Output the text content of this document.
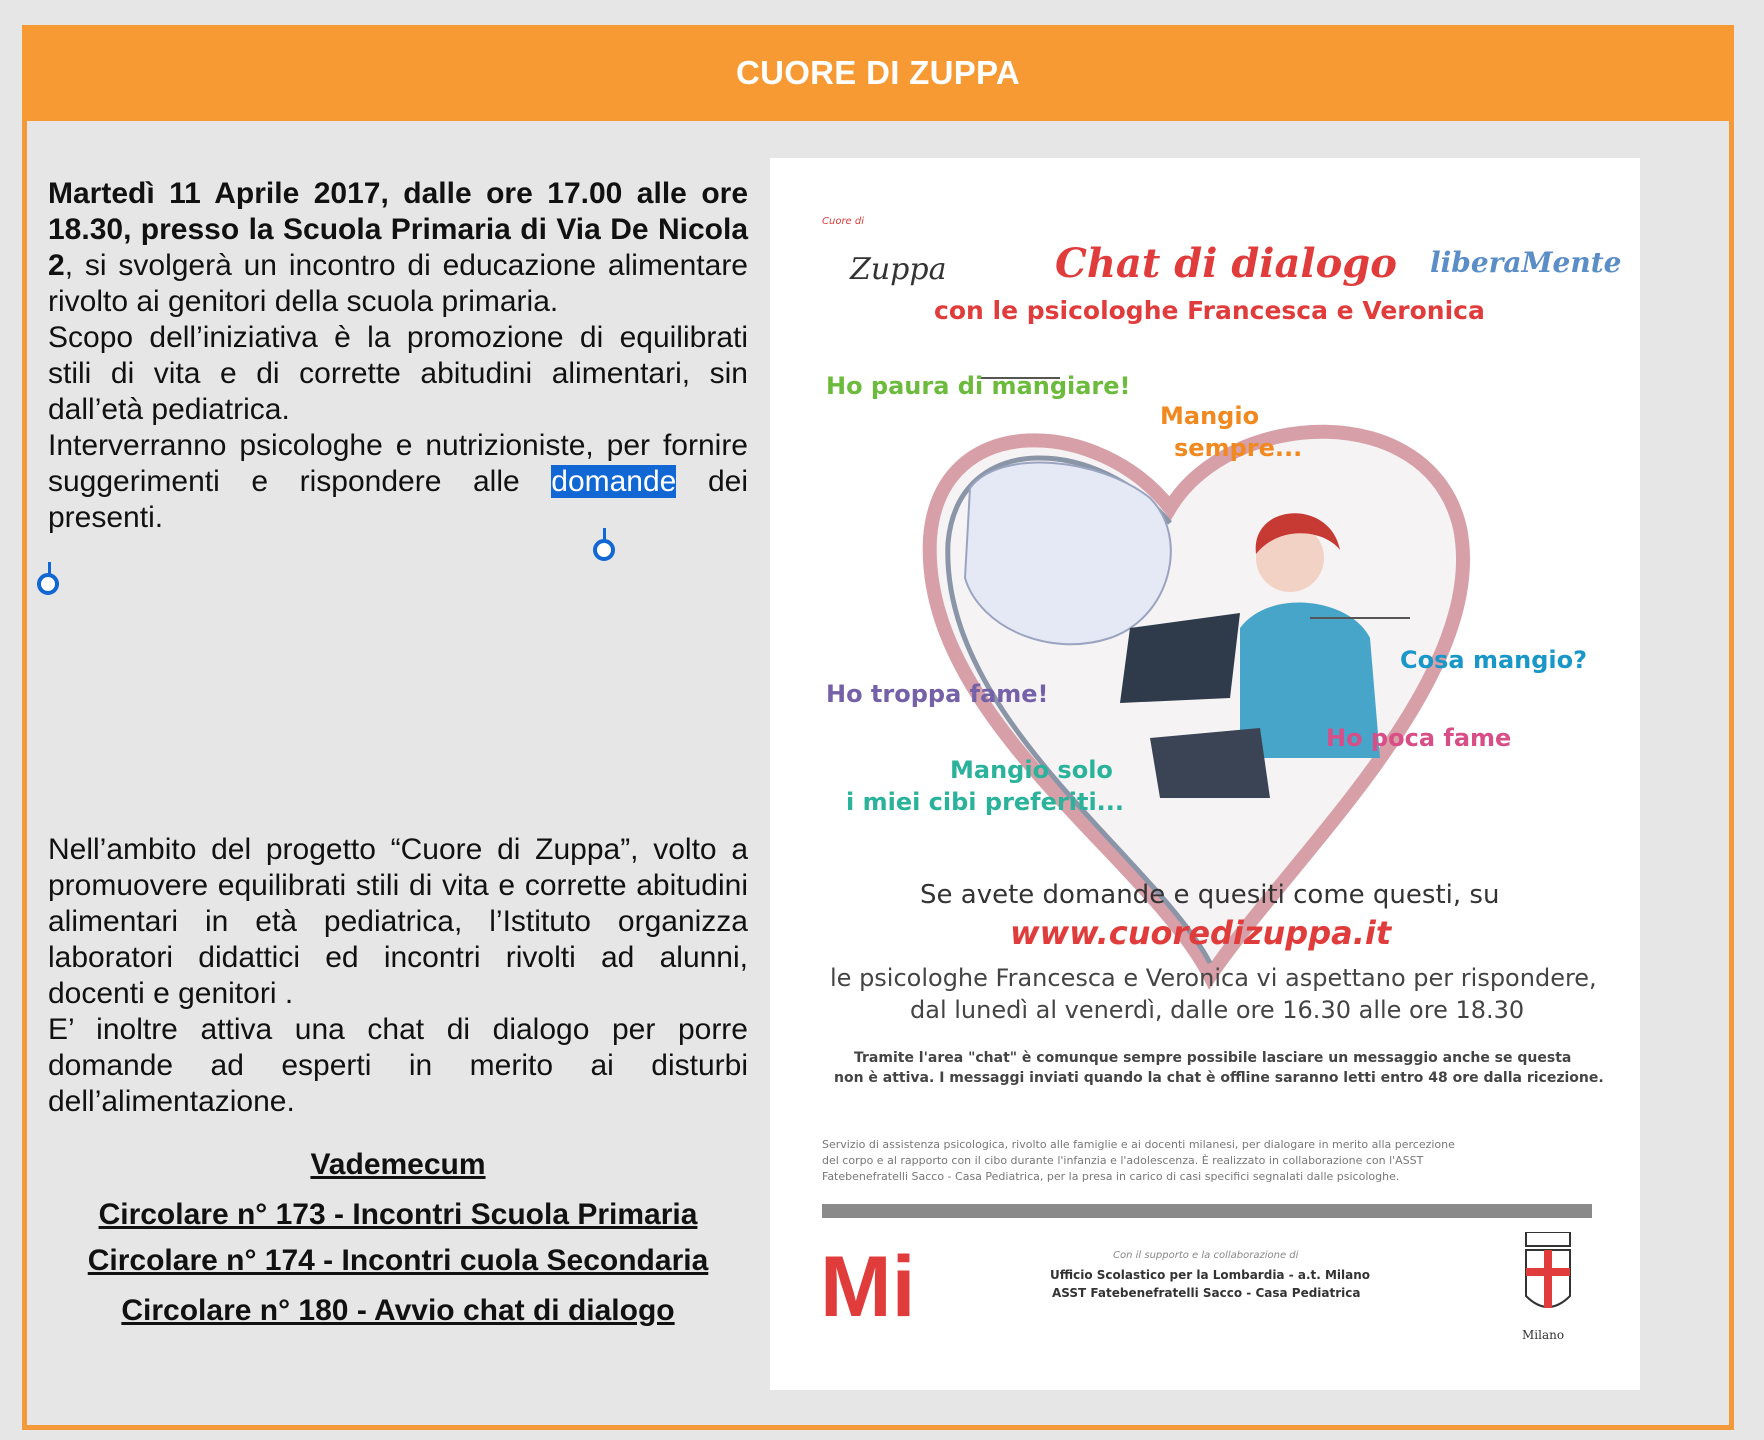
CUORE DI ZUPPA

Martedì 11 Aprile 2017, dalle ore 17.00 alle ore 18.30, presso la Scuola Primaria di Via De Nicola 2, si svolgerà un incontro di educazione alimentare rivolto ai genitori della scuola primaria.

Scopo dell’iniziativa è la promozione di equilibrati stili di vita e di corrette abitudini alimentari, sin dall’età pediatrica.

Interverranno psicologhe e nutrizioniste, per fornire suggerimenti e rispondere alle domande dei presenti.

Nell’ambito del progetto “Cuore di Zuppa”, volto a promuovere equilibrati stili di vita e corrette abitudini alimentari in età pediatrica, l’Istituto organizza laboratori didattici ed incontri rivolti ad alunni, docenti e genitori .

E’ inoltre attiva una chat di dialogo per porre domande ad esperti in merito ai disturbi dell’alimentazione.

Vademecum
Circolare n° 173 - Incontri Scuola Primaria
Circolare n° 174 - Incontri cuola Secondaria
Circolare n° 180 - Avvio chat di dialogo
Cuore di
Zuppa	liberaMente
Chat di dialogo
con le psicologhe Francesca e Veronica
Ho paura di mangiare!
Mangio
sempre...
Cosa mangio?
Ho troppa fame!
Ho poca fame
Mangio solo
i miei cibi preferiti...
Se avete domande e quesiti come questi, su
www.cuoredizuppa.it
le psicologhe Francesca e Veronica vi aspettano per rispondere,
dal lunedì al venerdì, dalle ore 16.30 alle ore 18.30
Tramite l'area "chat" è comunque sempre possibile lasciare un messaggio anche se questa
non è attiva. I messaggi inviati quando la chat è offline saranno letti entro 48 ore dalla ricezione.
Servizio di assistenza psicologica, rivolto alle famiglie e ai docenti milanesi, per dialogare in merito alla percezione
del corpo e al rapporto con il cibo durante l'infanzia e l'adolescenza. È realizzato in collaborazione con l'ASST
Fatebenefratelli Sacco - Casa Pediatrica, per la presa in carico di casi specifici segnalati dalle psicologhe.
Mi	Con il supporto e la collaborazione di
Ufficio Scolastico per la Lombardia - a.t. Milano
ASST Fatebenefratelli Sacco - Casa Pediatrica
Milano
